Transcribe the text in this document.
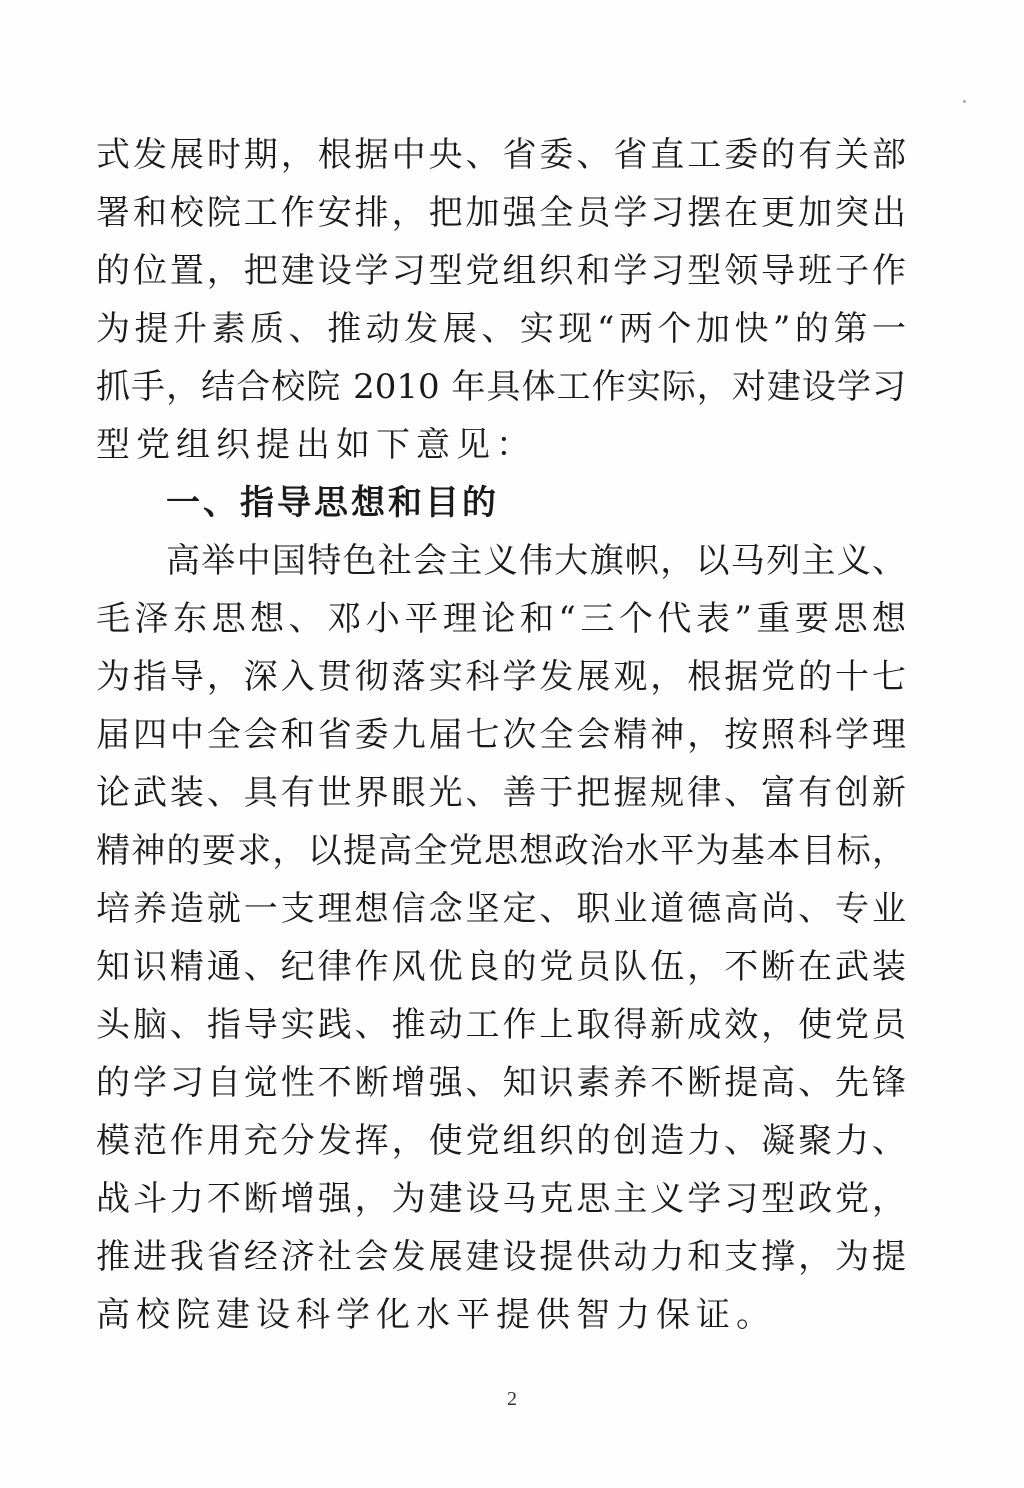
式发展时期，根据中央、省委、省直工委的有关部
署和校院工作安排，把加强全员学习摆在更加突出
的位置，把建设学习型党组织和学习型领导班子作
为提升素质、推动发展、实现“两个加快”的第一
抓手，结合校院 2010 年具体工作实际，对建设学习
型党组织提出如下意见：
一、指导思想和目的
高举中国特色社会主义伟大旗帜，以马列主义、
毛泽东思想、邓小平理论和“三个代表”重要思想
为指导，深入贯彻落实科学发展观，根据党的十七
届四中全会和省委九届七次全会精神，按照科学理
论武装、具有世界眼光、善于把握规律、富有创新
精神的要求，以提高全党思想政治水平为基本目标，
培养造就一支理想信念坚定、职业道德高尚、专业
知识精通、纪律作风优良的党员队伍，不断在武装
头脑、指导实践、推动工作上取得新成效，使党员
的学习自觉性不断增强、知识素养不断提高、先锋
模范作用充分发挥，使党组织的创造力、凝聚力、
战斗力不断增强，为建设马克思主义学习型政党，
推进我省经济社会发展建设提供动力和支撑，为提
高校院建设科学化水平提供智力保证。
2
